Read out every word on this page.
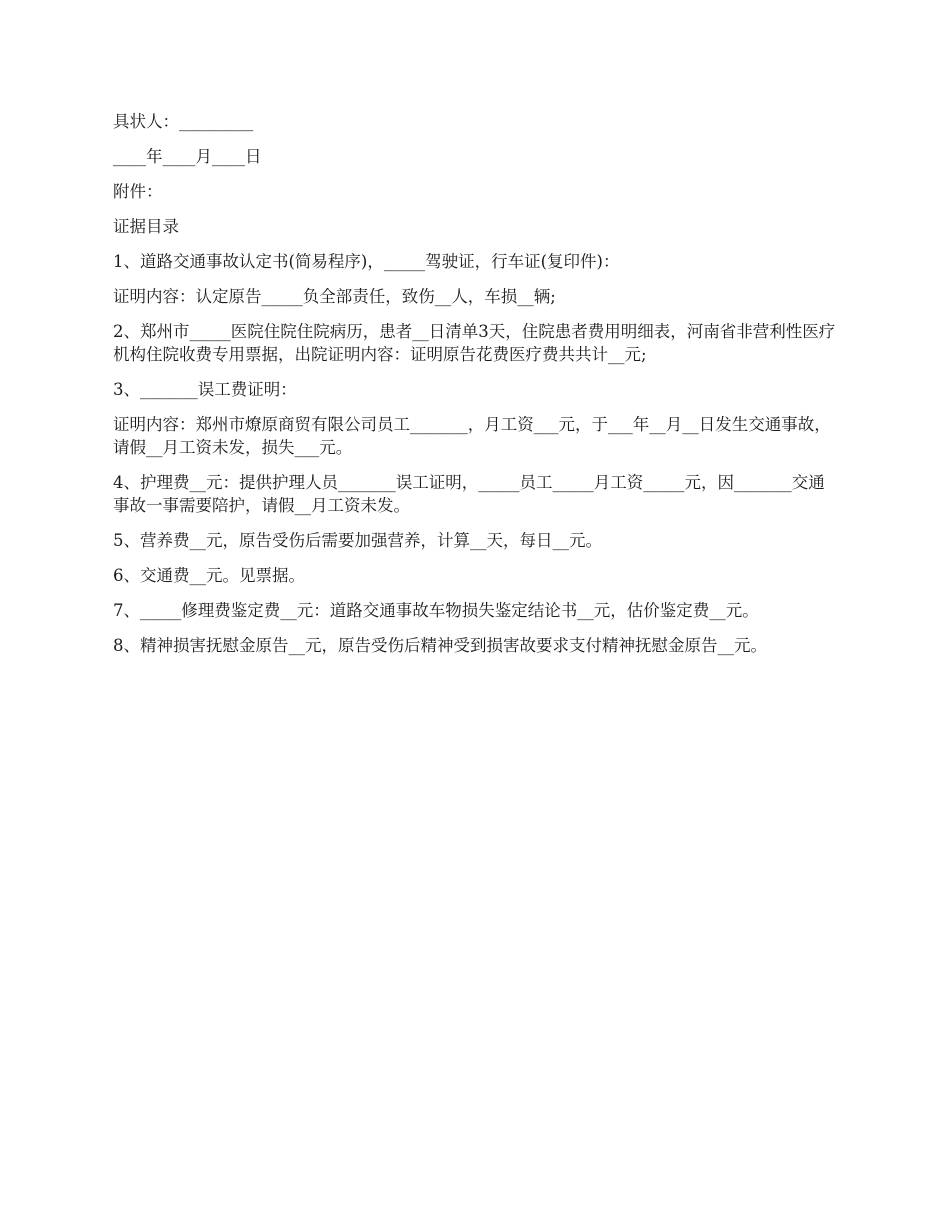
具状人：_________

____年____月____日

附件：

证据目录

1、道路交通事故认定书(简易程序)，_____驾驶证，行车证(复印件)：

证明内容：认定原告_____负全部责任，致伤__人，车损__辆;

2、郑州市_____医院住院住院病历，患者__日清单3天，住院患者费用明细表，河南省非营利性医疗机构住院收费专用票据，出院证明内容：证明原告花费医疗费共共计__元;

3、_______误工费证明：

证明内容：郑州市燎原商贸有限公司员工_______，月工资___元，于___年__月__日发生交通事故，请假__月工资未发，损失___元。

4、护理费__元：提供护理人员_______误工证明，_____员工_____月工资_____元，因_______交通事故一事需要陪护，请假__月工资未发。

5、营养费__元，原告受伤后需要加强营养，计算__天，每日__元。

6、交通费__元。见票据。

7、_____修理费鉴定费__元：道路交通事故车物损失鉴定结论书__元，估价鉴定费__元。

8、精神损害抚慰金原告__元，原告受伤后精神受到损害故要求支付精神抚慰金原告__元。
